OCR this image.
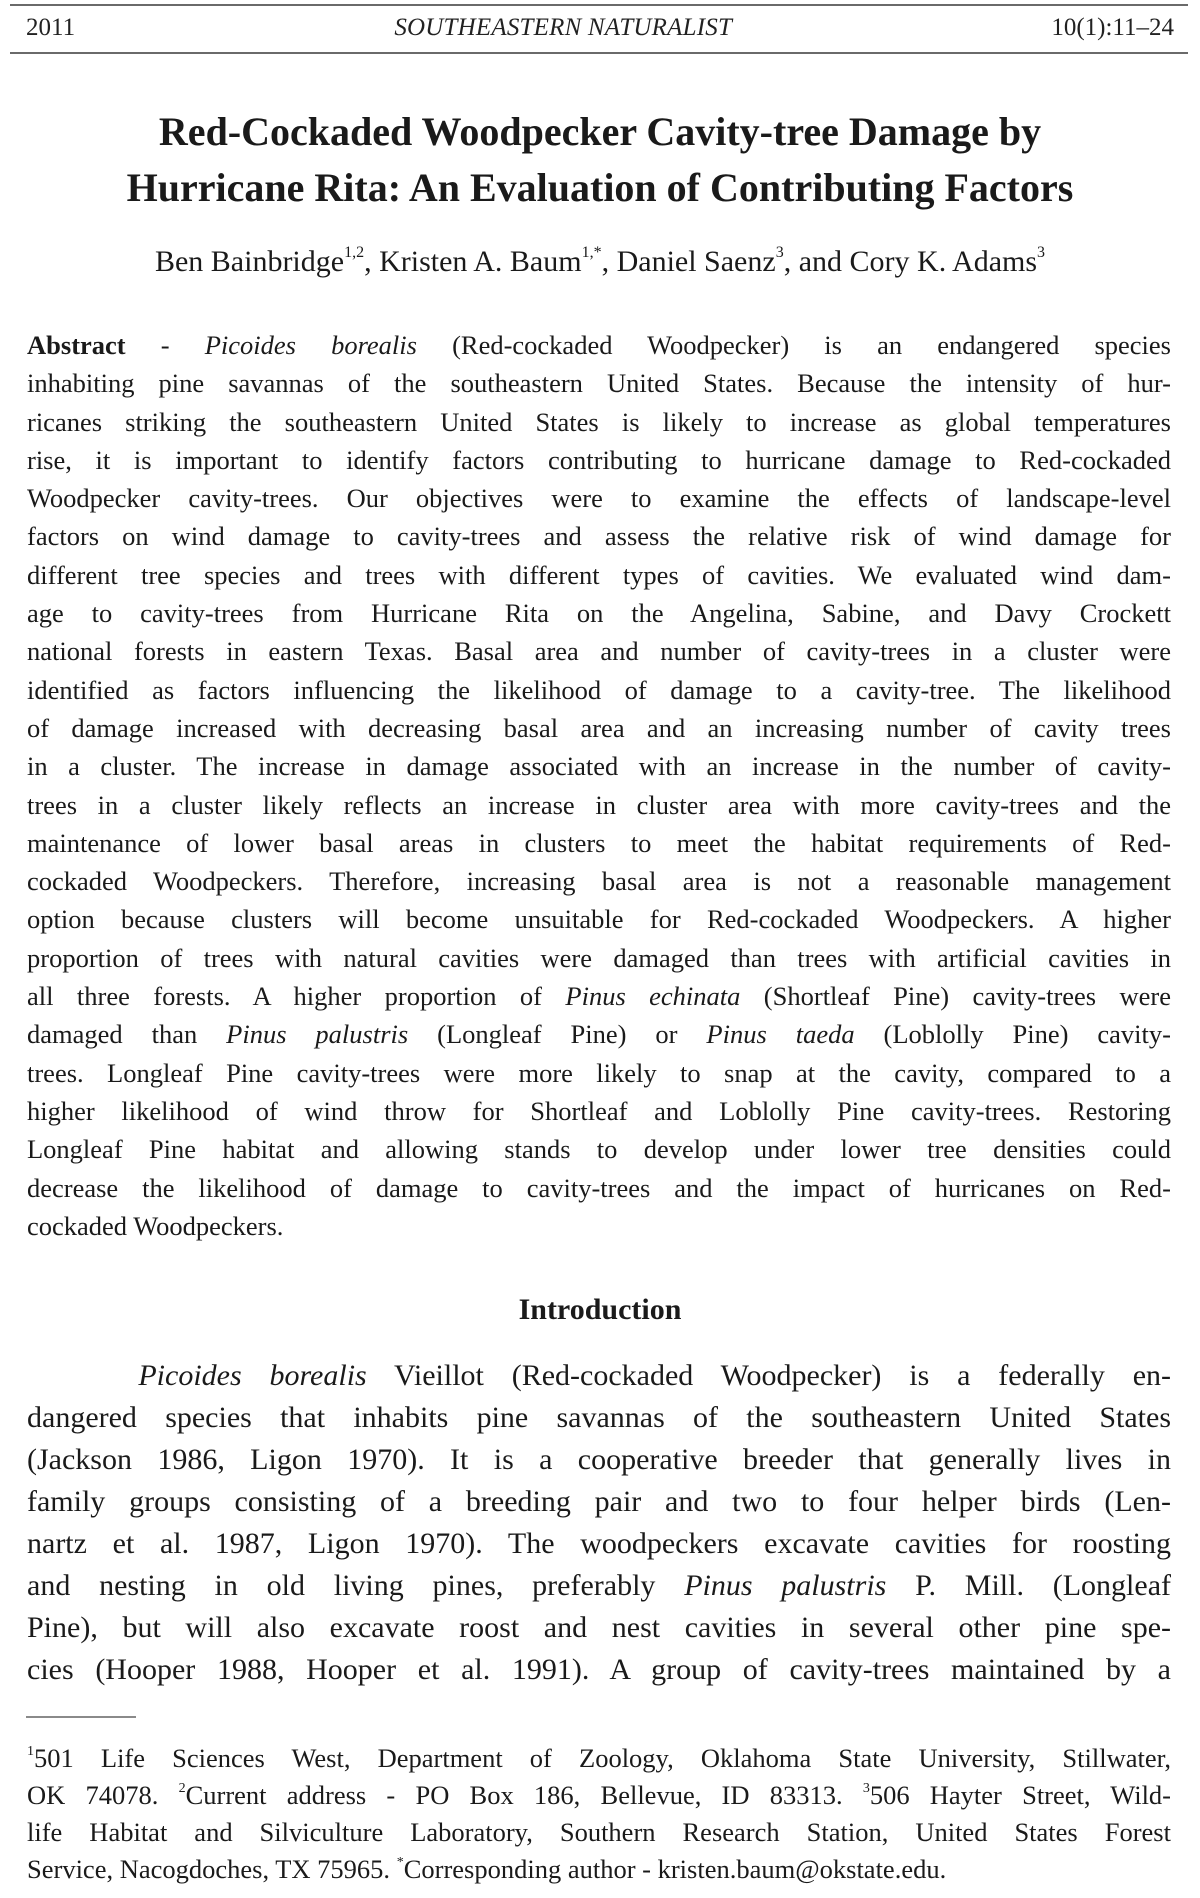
2011	SOUTHEASTERN NATURALIST	10(1):11–24
Red-Cockaded Woodpecker Cavity-tree Damage by
Hurricane Rita: An Evaluation of Contributing Factors
Ben Bainbridge$^{1,2}$, Kristen A. Baum$^{1,*}$, Daniel Saenz$^3$, and Cory K. Adams$^3$
Abstract - Picoides borealis (Red-cockaded Woodpecker) is an endangered species
inhabiting pine savannas of the southeastern United States. Because the intensity of hur-
ricanes striking the southeastern United States is likely to increase as global temperatures
rise, it is important to identify factors contributing to hurricane damage to Red-cockaded
Woodpecker cavity-trees. Our objectives were to examine the effects of landscape-level
factors on wind damage to cavity-trees and assess the relative risk of wind damage for
different tree species and trees with different types of cavities. We evaluated wind dam-
age to cavity-trees from Hurricane Rita on the Angelina, Sabine, and Davy Crockett
national forests in eastern Texas. Basal area and number of cavity-trees in a cluster were
identified as factors influencing the likelihood of damage to a cavity-tree. The likelihood
of damage increased with decreasing basal area and an increasing number of cavity trees
in a cluster. The increase in damage associated with an increase in the number of cavity-
trees in a cluster likely reflects an increase in cluster area with more cavity-trees and the
maintenance of lower basal areas in clusters to meet the habitat requirements of Red-
cockaded Woodpeckers. Therefore, increasing basal area is not a reasonable management
option because clusters will become unsuitable for Red-cockaded Woodpeckers. A higher
proportion of trees with natural cavities were damaged than trees with artificial cavities in
all three forests. A higher proportion of Pinus echinata (Shortleaf Pine) cavity-trees were
damaged than Pinus palustris (Longleaf Pine) or Pinus taeda (Loblolly Pine) cavity-
trees. Longleaf Pine cavity-trees were more likely to snap at the cavity, compared to a
higher likelihood of wind throw for Shortleaf and Loblolly Pine cavity-trees. Restoring
Longleaf Pine habitat and allowing stands to develop under lower tree densities could
decrease the likelihood of damage to cavity-trees and the impact of hurricanes on Red-
cockaded Woodpeckers.
Introduction
Picoides borealis Vieillot (Red-cockaded Woodpecker) is a federally en-
dangered species that inhabits pine savannas of the southeastern United States
(Jackson 1986, Ligon 1970). It is a cooperative breeder that generally lives in
family groups consisting of a breeding pair and two to four helper birds (Len-
nartz et al. 1987, Ligon 1970). The woodpeckers excavate cavities for roosting
and nesting in old living pines, preferably Pinus palustris P. Mill. (Longleaf
Pine), but will also excavate roost and nest cavities in several other pine spe-
cies (Hooper 1988, Hooper et al. 1991). A group of cavity-trees maintained by a
$^1$501 Life Sciences West, Department of Zoology, Oklahoma State University, Stillwater,
OK 74078. $^2$Current address - PO Box 186, Bellevue, ID 83313. $^3$506 Hayter Street, Wild-
life Habitat and Silviculture Laboratory, Southern Research Station, United States Forest
Service, Nacogdoches, TX 75965. *Corresponding author - kristen.baum@okstate.edu.
